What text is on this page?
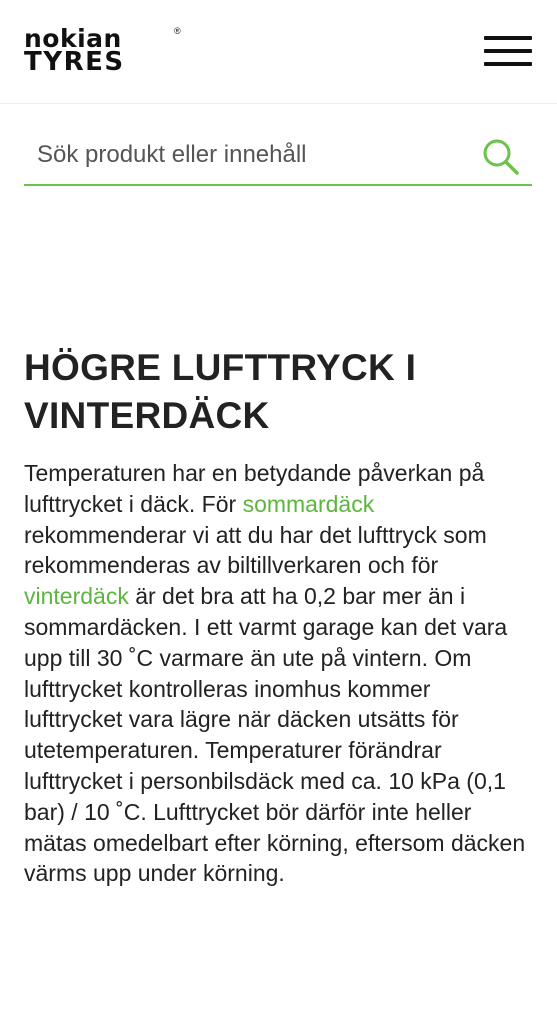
nokian	®
TYRES
Sök produkt eller innehåll
HÖGRE LUFTTRYCK I VINTERDÄCK

Temperaturen har en betydande påverkan på lufttrycket i däck. För sommardäck rekommenderar vi att du har det lufttryck som rekommenderas av biltillverkaren och för vinterdäck är det bra att ha 0,2 bar mer än i sommardäcken. I ett varmt garage kan det vara upp till 30 ˚C varmare än ute på vintern. Om lufttrycket kontrolleras inomhus kommer lufttrycket vara lägre när däcken utsätts för utetemperaturen. Temperaturer förändrar lufttrycket i personbilsdäck med ca. 10 kPa (0,1 bar) / 10 ˚C. Lufttrycket bör därför inte heller mätas omedelbart efter körning, eftersom däcken värms upp under körning.
